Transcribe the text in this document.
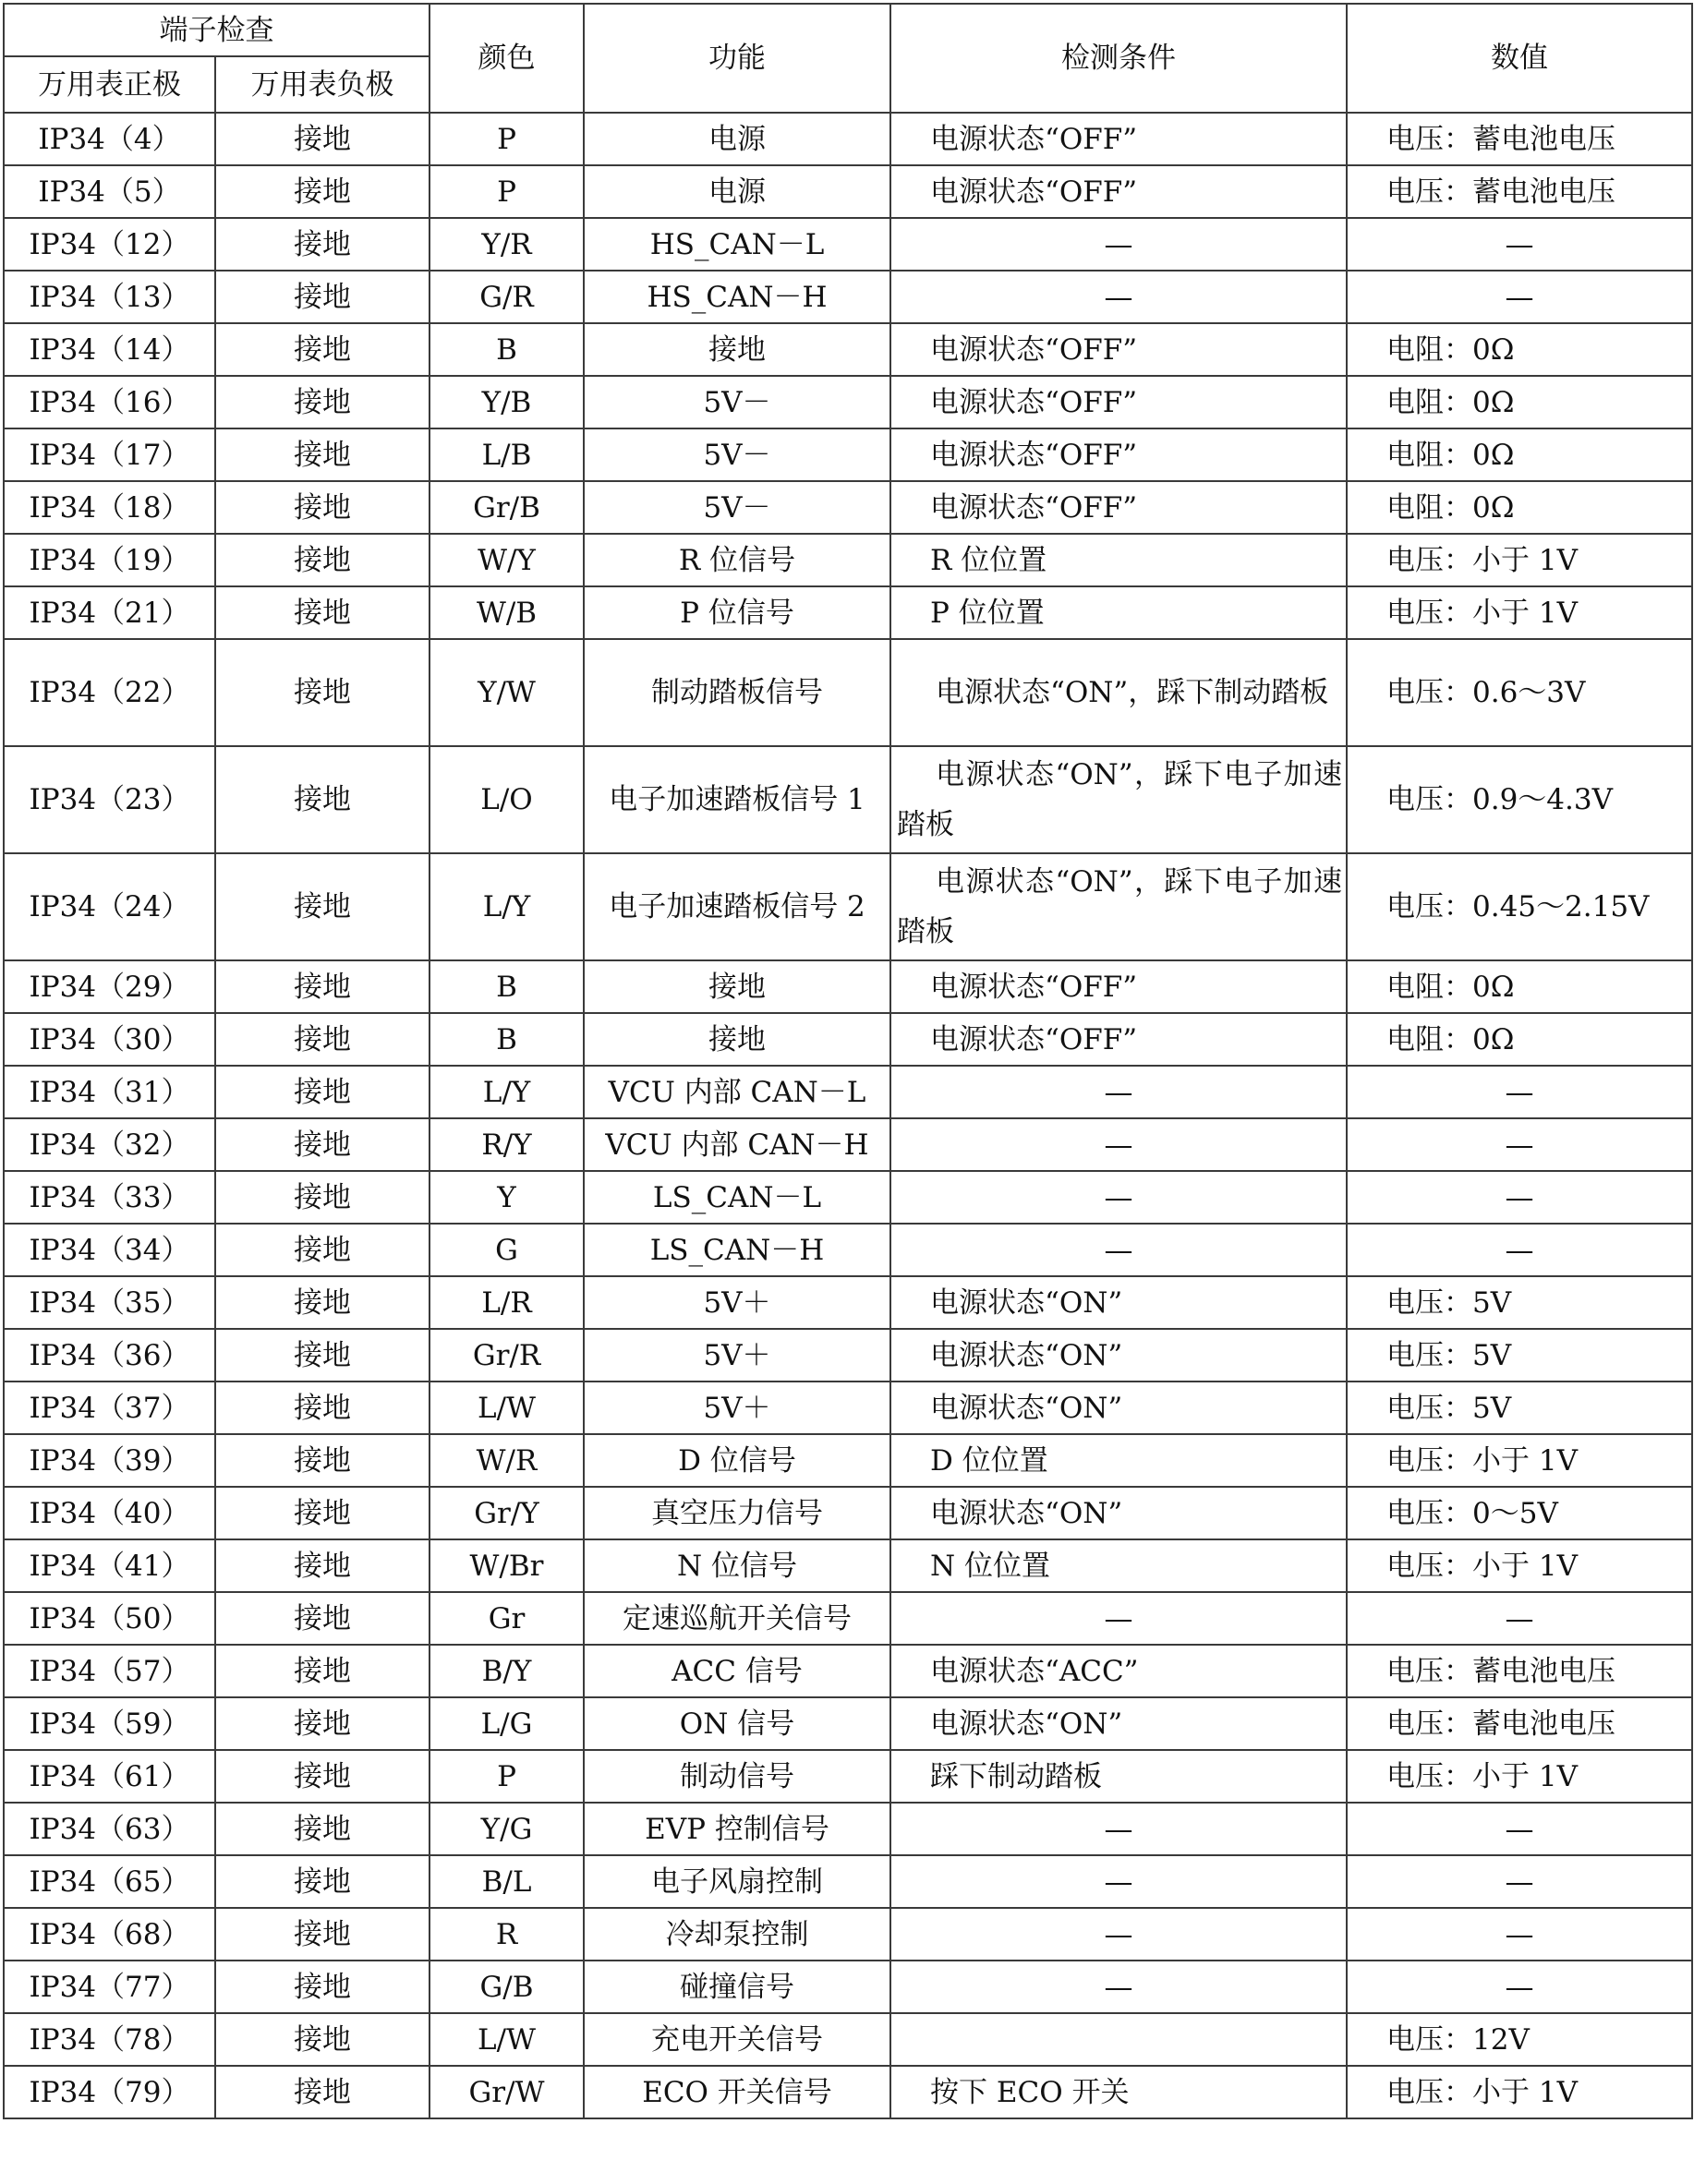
端子检查		颜色	功能	检测条件	数值
万用表正极	万用表负极				
IP34（4）	接地	P	电源	电源状态“OFF”	电压：蓄电池电压
IP34（5）	接地	P	电源	电源状态“OFF”	电压：蓄电池电压
IP34（12）	接地	Y/R	HS_CAN－L	—	—
IP34（13）	接地	G/R	HS_CAN－H	—	—
IP34（14）	接地	B	接地	电源状态“OFF”	电阻：0Ω
IP34（16）	接地	Y/B	5V－	电源状态“OFF”	电阻：0Ω
IP34（17）	接地	L/B	5V－	电源状态“OFF”	电阻：0Ω
IP34（18）	接地	Gr/B	5V－	电源状态“OFF”	电阻：0Ω
IP34（19）	接地	W/Y	R 位信号	R 位位置	电压：小于 1V
IP34（21）	接地	W/B	P 位信号	P 位位置	电压：小于 1V
IP34（22）	接地	Y/W	制动踏板信号	电源状态“ON”，踩下制动踏板	电压：0.6～3V
IP34（23）	接地	L/O	电子加速踏板信号 1	电源状态“ON”，踩下电子加速踏板	电压：0.9～4.3V
IP34（24）	接地	L/Y	电子加速踏板信号 2	电源状态“ON”，踩下电子加速踏板	电压：0.45～2.15V
IP34（29）	接地	B	接地	电源状态“OFF”	电阻：0Ω
IP34（30）	接地	B	接地	电源状态“OFF”	电阻：0Ω
IP34（31）	接地	L/Y	VCU 内部 CAN－L	—	—
IP34（32）	接地	R/Y	VCU 内部 CAN－H	—	—
IP34（33）	接地	Y	LS_CAN－L	—	—
IP34（34）	接地	G	LS_CAN－H	—	—
IP34（35）	接地	L/R	5V＋	电源状态“ON”	电压：5V
IP34（36）	接地	Gr/R	5V＋	电源状态“ON”	电压：5V
IP34（37）	接地	L/W	5V＋	电源状态“ON”	电压：5V
IP34（39）	接地	W/R	D 位信号	D 位位置	电压：小于 1V
IP34（40）	接地	Gr/Y	真空压力信号	电源状态“ON”	电压：0～5V
IP34（41）	接地	W/Br	N 位信号	N 位位置	电压：小于 1V
IP34（50）	接地	Gr	定速巡航开关信号	—	—
IP34（57）	接地	B/Y	ACC 信号	电源状态“ACC”	电压：蓄电池电压
IP34（59）	接地	L/G	ON 信号	电源状态“ON”	电压：蓄电池电压
IP34（61）	接地	P	制动信号	踩下制动踏板	电压：小于 1V
IP34（63）	接地	Y/G	EVP 控制信号	—	—
IP34（65）	接地	B/L	电子风扇控制	—	—
IP34（68）	接地	R	冷却泵控制	—	—
IP34（77）	接地	G/B	碰撞信号	—	—
IP34（78）	接地	L/W	充电开关信号		电压：12V
IP34（79）	接地	Gr/W	ECO 开关信号	按下 ECO 开关	电压：小于 1V
